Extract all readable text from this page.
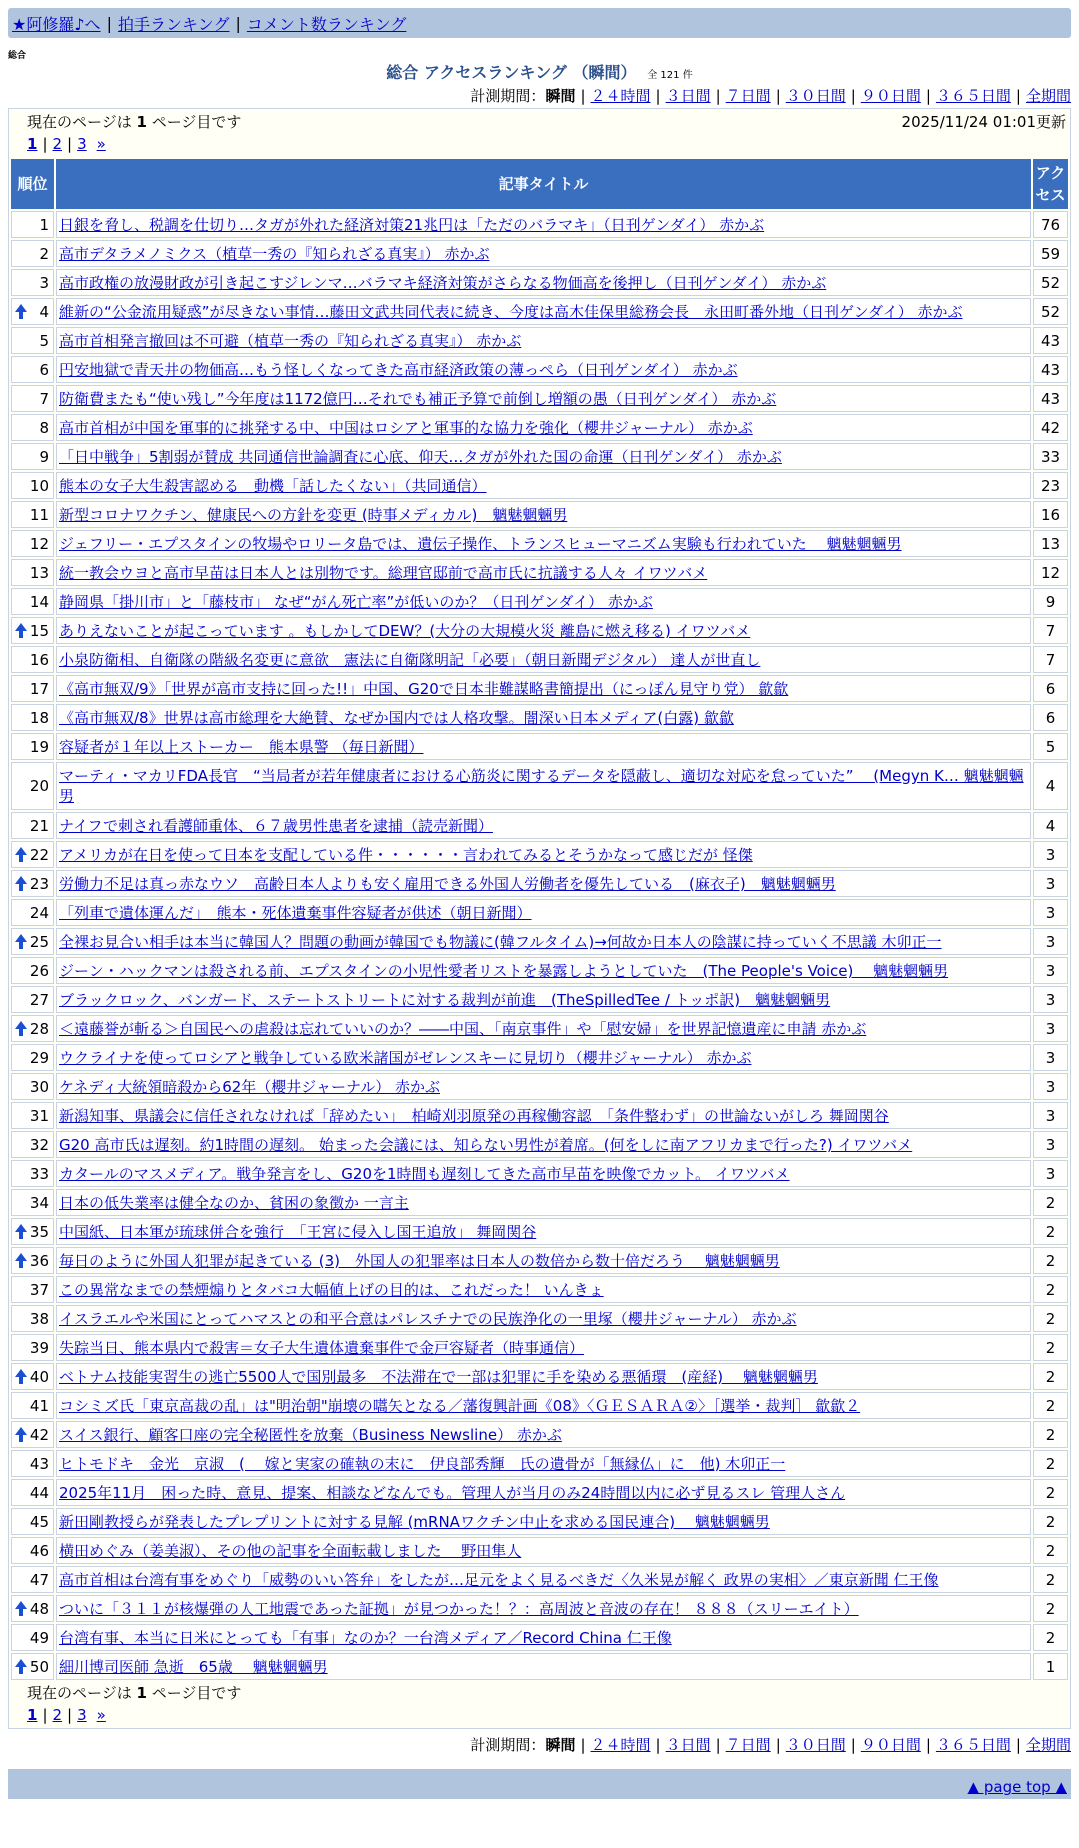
★阿修羅♪へ | 拍手ランキング | コメント数ランキング
総合
総合 アクセスランキング （瞬間） 全 121 件
計測期間：瞬間 | ２４時間 | ３日間 | ７日間 | ３０日間 | ９０日間 | ３６５日間 | 全期間
現在のページは 1 ページ目です	2025/11/24 01:01更新
1 | 2 | 3 »
順位	記事タイトル	アクセス
1	日銀を脅し、税調を仕切り…タガが外れた経済対策21兆円は「ただのバラマキ」（日刊ゲンダイ） 赤かぶ	76
2	高市デタラメノミクス（植草一秀の『知られざる真実』） 赤かぶ	59
3	高市政権の放漫財政が引き起こすジレンマ…バラマキ経済対策がさらなる物価高を後押し（日刊ゲンダイ） 赤かぶ	52

4	維新の“公金流用疑惑”が尽きない事情…藤田文武共同代表に続き、今度は高木佳保里総務会長　永田町番外地（日刊ゲンダイ） 赤かぶ	52
5	高市首相発言撤回は不可避（植草一秀の『知られざる真実』） 赤かぶ	43
6	円安地獄で青天井の物価高…もう怪しくなってきた高市経済政策の薄っぺら（日刊ゲンダイ） 赤かぶ	43
7	防衛費またも“使い残し”今年度は1172億円…それでも補正予算で前倒し増額の愚（日刊ゲンダイ） 赤かぶ	43
8	高市首相が中国を軍事的に挑発する中、中国はロシアと軍事的な協力を強化（櫻井ジャーナル） 赤かぶ	42
9	「日中戦争」5割弱が賛成 共同通信世論調査に心底、仰天…タガが外れた国の命運（日刊ゲンダイ） 赤かぶ	33
10	熊本の女子大生殺害認める　動機「話したくない」（共同通信）	23
11	新型コロナワクチン、健康民への方針を変更 (時事メディカル)　魑魅魍魎男	16
12	ジェフリー・エプスタインの牧場やロリータ島では、遺伝子操作、トランスヒューマニズム実験も行われていた　 魑魅魍魎男	13
13	統一教会ウヨと高市早苗は日本人とは別物です。総理官邸前で高市氏に抗議する人々 イワツバメ	12
14	静岡県「掛川市」と「藤枝市」 なぜ“がん死亡率”が低いのか？（日刊ゲンダイ） 赤かぶ	9

15	ありえないことが起こっています 。もしかしてDEW？(大分の大規模火災 離島に燃え移る) イワツバメ	7
16	小泉防衛相、自衛隊の階級名変更に意欲　憲法に自衛隊明記「必要」（朝日新聞デジタル） 達人が世直し	7
17	《高市無双/9》「世界が高市支持に回った!!」中国、G20で日本非難謀略書簡提出（にっぽん見守り党） 歙歙	6
18	《高市無双/8》世界は高市総理を大絶賛、なぜか国内では人格攻撃。闇深い日本メディア(白露) 歙歙	6
19	容疑者が１年以上ストーカー　熊本県警 （毎日新聞）	5
20	マーティ・マカリFDA長官　“当局者が若年健康者における心筋炎に関するデータを隠蔽し、適切な対応を怠っていた”　 (Megyn K… 魑魅魍魎男	4
21	ナイフで刺され看護師重体、６７歳男性患者を逮捕（読売新聞）	4

22	アメリカが在日を使って日本を支配している件・・・・・・言われてみるとそうかなって感じだが 怪傑	3

23	労働力不足は真っ赤なウソ　高齢日本人よりも安く雇用できる外国人労働者を優先している　(麻衣子)　魑魅魍魎男	3
24	「列車で遺体運んだ」　熊本・死体遺棄事件容疑者が供述（朝日新聞）	3

25	全裸お見合い相手は本当に韓国人？問題の動画が韓国でも物議に(韓フルタイム)→何故か日本人の陰謀に持っていく不思議 木卯正一	3
26	ジーン・ハックマンは殺される前、エプスタインの小児性愛者リストを暴露しようとしていた　(The People's Voice)　 魑魅魍魎男	3
27	ブラックロック、バンガード、ステートストリートに対する裁判が前進　(TheSpilledTee / トッポ訳)　魑魅魍魎男	3

28	＜遠藤誉が斬る＞自国民への虐殺は忘れていいのか？――中国、「南京事件」や「慰安婦」を世界記憶遺産に申請 赤かぶ	3
29	ウクライナを使ってロシアと戦争している欧米諸国がゼレンスキーに見切り（櫻井ジャーナル） 赤かぶ	3
30	ケネディ大統領暗殺から62年（櫻井ジャーナル） 赤かぶ	3
31	新潟知事、県議会に信任されなければ「辞めたい」　柏崎刈羽原発の再稼働容認　「条件整わず」の世論ないがしろ 舞岡関谷	3
32	G20 高市氏は遅刻。約1時間の遅刻。 始まった会議には、知らない男性が着席。(何をしに南アフリカまで行った?) イワツバメ	3
33	カタールのマスメディア。戦争発言をし、G20を1時間も遅刻してきた高市早苗を映像でカット。 イワツバメ	3
34	日本の低失業率は健全なのか、貧困の象徴か 一言主	2

35	中国紙、日本軍が琉球併合を強行　「王宮に侵入し国王追放」 舞岡関谷	2

36	毎日のように外国人犯罪が起きている (3)　外国人の犯罪率は日本人の数倍から数十倍だろう　 魑魅魍魎男	2
37	この異常なまでの禁煙煽りとタバコ大幅値上げの目的は、これだった！ いんきょ	2
38	イスラエルや米国にとってハマスとの和平合意はパレスチナでの民族浄化の一里塚（櫻井ジャーナル） 赤かぶ	2
39	失踪当日、熊本県内で殺害＝女子大生遺体遺棄事件で金戸容疑者（時事通信）	2

40	ベトナム技能実習生の逃亡5500人で国別最多　不法滞在で一部は犯罪に手を染める悪循環　(産経)　 魑魅魍魎男	2
41	コシミズ氏「東京高裁の乱」は"明治朝"崩壊の嚆矢となる／藩復興計画《08》〈ＧＥＳＡＲＡ②〉［選挙・裁判］ 歙歙２	2

42	スイス銀行、顧客口座の完全秘匿性を放棄（Business Newsline） 赤かぶ	2
43	ヒトモドキ　金光　京淑　(　 嫁と実家の確執の末に　伊良部秀輝　氏の遺骨が「無縁仏」に　他) 木卯正一	2
44	2025年11月　困った時、意見、提案、相談などなんでも。管理人が当月のみ24時間以内に必ず見るスレ 管理人さん	2
45	新田剛教授らが発表したプレプリントに対する見解 (mRNAワクチン中止を求める国民連合)　 魑魅魍魎男	2
46	横田めぐみ（姜美淑）、その他の記事を全面転載しました　 野田隼人	2
47	高市首相は台湾有事をめぐり「威勢のいい答弁」をしたが…足元をよく見るべきだ〈久米晃が解く 政界の実相〉／東京新聞 仁王像	2

48	ついに「３１１が核爆弾の人工地震であった証拠」が見つかった！？：高周波と音波の存在！ ８８８（スリーエイト）	2
49	台湾有事、本当に日米にとっても「有事」なのか？一台湾メディア／Record China 仁王像	2

50	細川博司医師 急逝　65歳　 魑魅魍魎男	1
現在のページは 1 ページ目です
1 | 2 | 3 »
計測期間：瞬間 | ２４時間 | ３日間 | ７日間 | ３０日間 | ９０日間 | ３６５日間 | 全期間
▲ page top ▲
